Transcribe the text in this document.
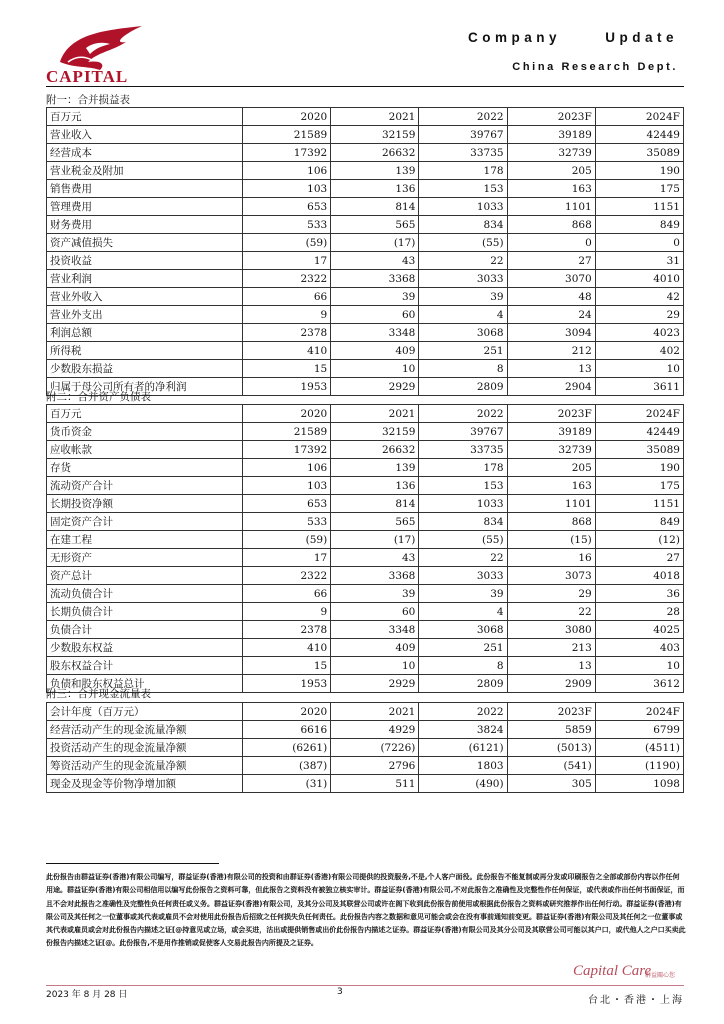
CAPITAL
Company Update
China Research Dept.
附一：合并损益表
百万元	2020	2021	2022	2023F	2024F
营业收入	21589	32159	39767	39189	42449
经营成本	17392	26632	33735	32739	35089
营业税金及附加	106	139	178	205	190
销售费用	103	136	153	163	175
管理费用	653	814	1033	1101	1151
财务费用	533	565	834	868	849
资产减值损失	(59)	(17)	(55)	0	0
投资收益	17	43	22	27	31
营业利润	2322	3368	3033	3070	4010
营业外收入	66	39	39	48	42
营业外支出	9	60	4	24	29
利润总额	2378	3348	3068	3094	4023
所得税	410	409	251	212	402
少数股东损益	15	10	8	13	10
归属于母公司所有者的净利润	1953	2929	2809	2904	3611
附二：合并资产负债表
百万元	2020	2021	2022	2023F	2024F
货币资金	21589	32159	39767	39189	42449
应收帐款	17392	26632	33735	32739	35089
存货	106	139	178	205	190
流动资产合计	103	136	153	163	175
长期投资净额	653	814	1033	1101	1151
固定资产合计	533	565	834	868	849
在建工程	(59)	(17)	(55)	(15)	(12)
无形资产	17	43	22	16	27
资产总计	2322	3368	3033	3073	4018
流动负债合计	66	39	39	29	36
长期负债合计	9	60	4	22	28
负债合计	2378	3348	3068	3080	4025
少数股东权益	410	409	251	213	403
股东权益合计	15	10	8	13	10
负债和股东权益总计	1953	2929	2809	2909	3612
附三：合并现金流量表
会计年度（百万元）	2020	2021	2022	2023F	2024F
经营活动产生的现金流量净额	6616	4929	3824	5859	6799
投资活动产生的现金流量净额	(6261)	(7226)	(6121)	(5013)	(4511)
筹资活动产生的现金流量净额	(387)	2796	1803	(541)	(1190)
现金及现金等价物净增加额	(31)	511	(490)	305	1098
此份报告由群益证券(香港)有限公司编写，群益证券(香港)有限公司的投资和由群证券(香港)有限公司提供的投资服务,不是,个人客户面役。此份报告不能复制或再分发或印刷报告之全部或部份内容以作任何用途。群益证券(香港)有限公司相信用以编写此份报告之资料可靠，但此报告之资料没有被独立核实审计。群益证券(香港)有限公司,不对此报告之准确性及完整性作任何保证，或代表或作出任何书面保证，而且不会对此报告之准确性及完整性负任何责任或义务。群益证券(香港)有限公司，及其分公司及其联营公司或许在阁下收到此份报告前使用或根据此份报告之资料或研究推荐作出任何行动。群益证券(香港)有限公司及其任何之一位董事或其代表或雇员不会对使用此份报告后招致之任何损失负任何责任。此份报告内容之数据和意见可能会或会在没有事前通知前变更。群益证券(香港)有限公司及其任何之一位董事或其代表或雇员或会对此份报告内描述之证[@持意见或立场，或会买进，沽出或提供销售或出价此份报告内描述之证券。群益证券(香港)有限公司及其分公司及其联营公司可能以其户口，或代他人之户口买卖此份报告内描述之证[@。此份报告,不是用作推销或促使客人交易此报告内所提及之证券。
Capital Care
群益關心您
2023 年 8 月 28 日	3
台北・香港・上海
